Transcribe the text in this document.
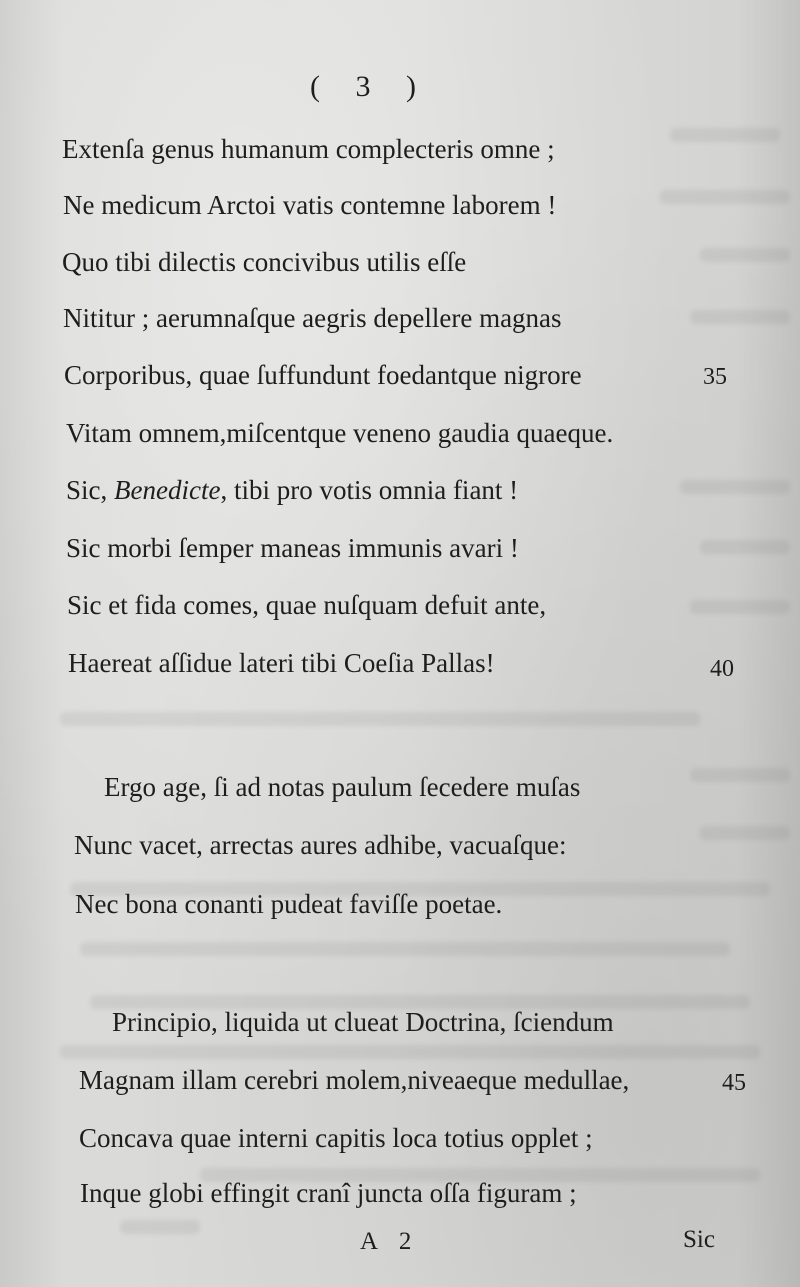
( 3 )
Extenſa genus humanum complecteris omne ;
Ne medicum Arctoi vatis contemne laborem !
Quo tibi dilectis concivibus utilis eſſe
Nititur ; aerumnaſque aegris depellere magnas
Corporibus, quae ſuffundunt foedantque nigrore	35
Vitam omnem,miſcentque veneno gaudia quaeque.
Sic, Benedicte, tibi pro votis omnia fiant !
Sic morbi ſemper maneas immunis avari !
Sic et fida comes, quae nuſquam defuit ante,
Haereat aſſidue lateri tibi Coeſia Pallas!	40
Ergo age, ſi ad notas paulum ſecedere muſas
Nunc vacet, arrectas aures adhibe, vacuaſque:
Nec bona conanti pudeat faviſſe poetae.
Principio, liquida ut clueat Doctrina, ſciendum
Magnam illam cerebri molem,niveaeque medullae,	45
Concava quae interni capitis loca totius opplet ;
Inque globi effingit cranî juncta oſſa figuram ;
A 2	Sic
